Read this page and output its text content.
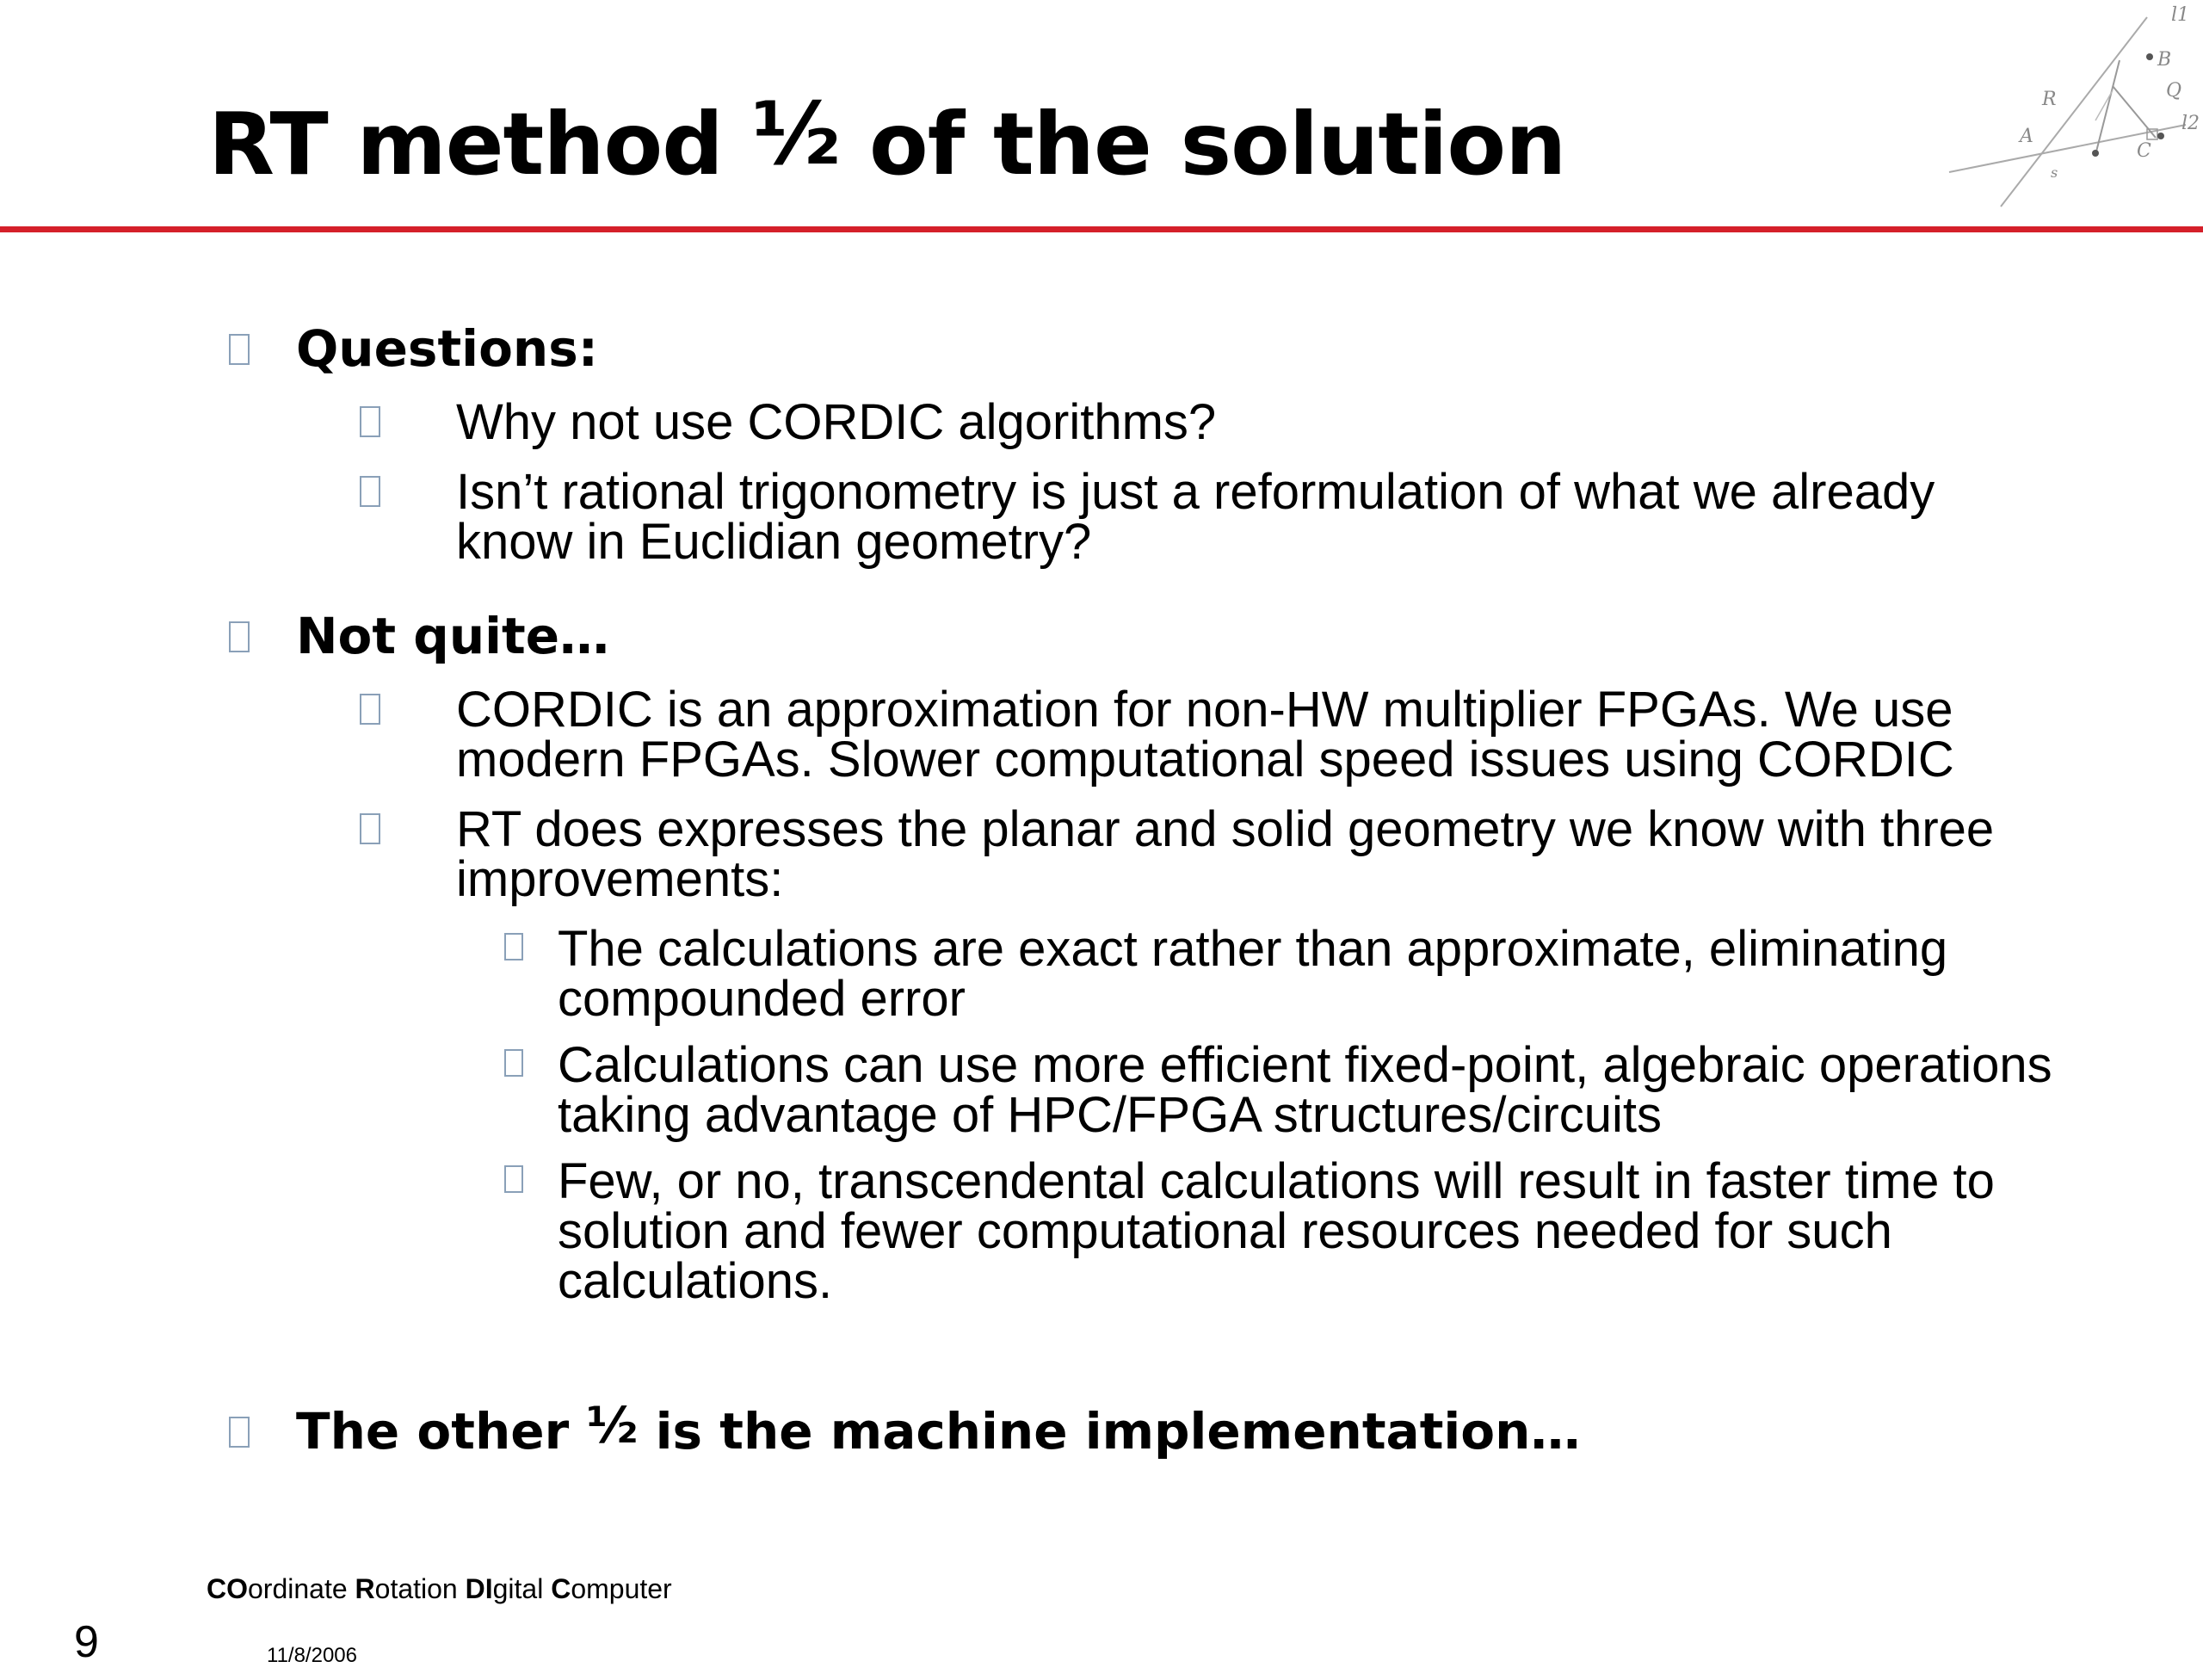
RT method ½ of the solution
l1
B
Q
R
l2
A
C
s
Questions:
Why not use CORDIC algorithms?
Isn’t rational trigonometry is just a reformulation of what we already know in Euclidian geometry?
Not quite…
CORDIC is an approximation for non-HW multiplier FPGAs. We use modern FPGAs. Slower computational speed issues using CORDIC
RT does expresses the planar and solid geometry we know with three improvements:
The calculations are exact rather than approximate, eliminating compounded error
Calculations can use more efficient fixed-point, algebraic operations taking advantage of HPC/FPGA structures/circuits
Few, or no, transcendental calculations will result in faster time to solution and fewer computational resources needed for such calculations.
The other ½ is the machine implementation…
COordinate Rotation DIgital Computer
9	11/8/2006
